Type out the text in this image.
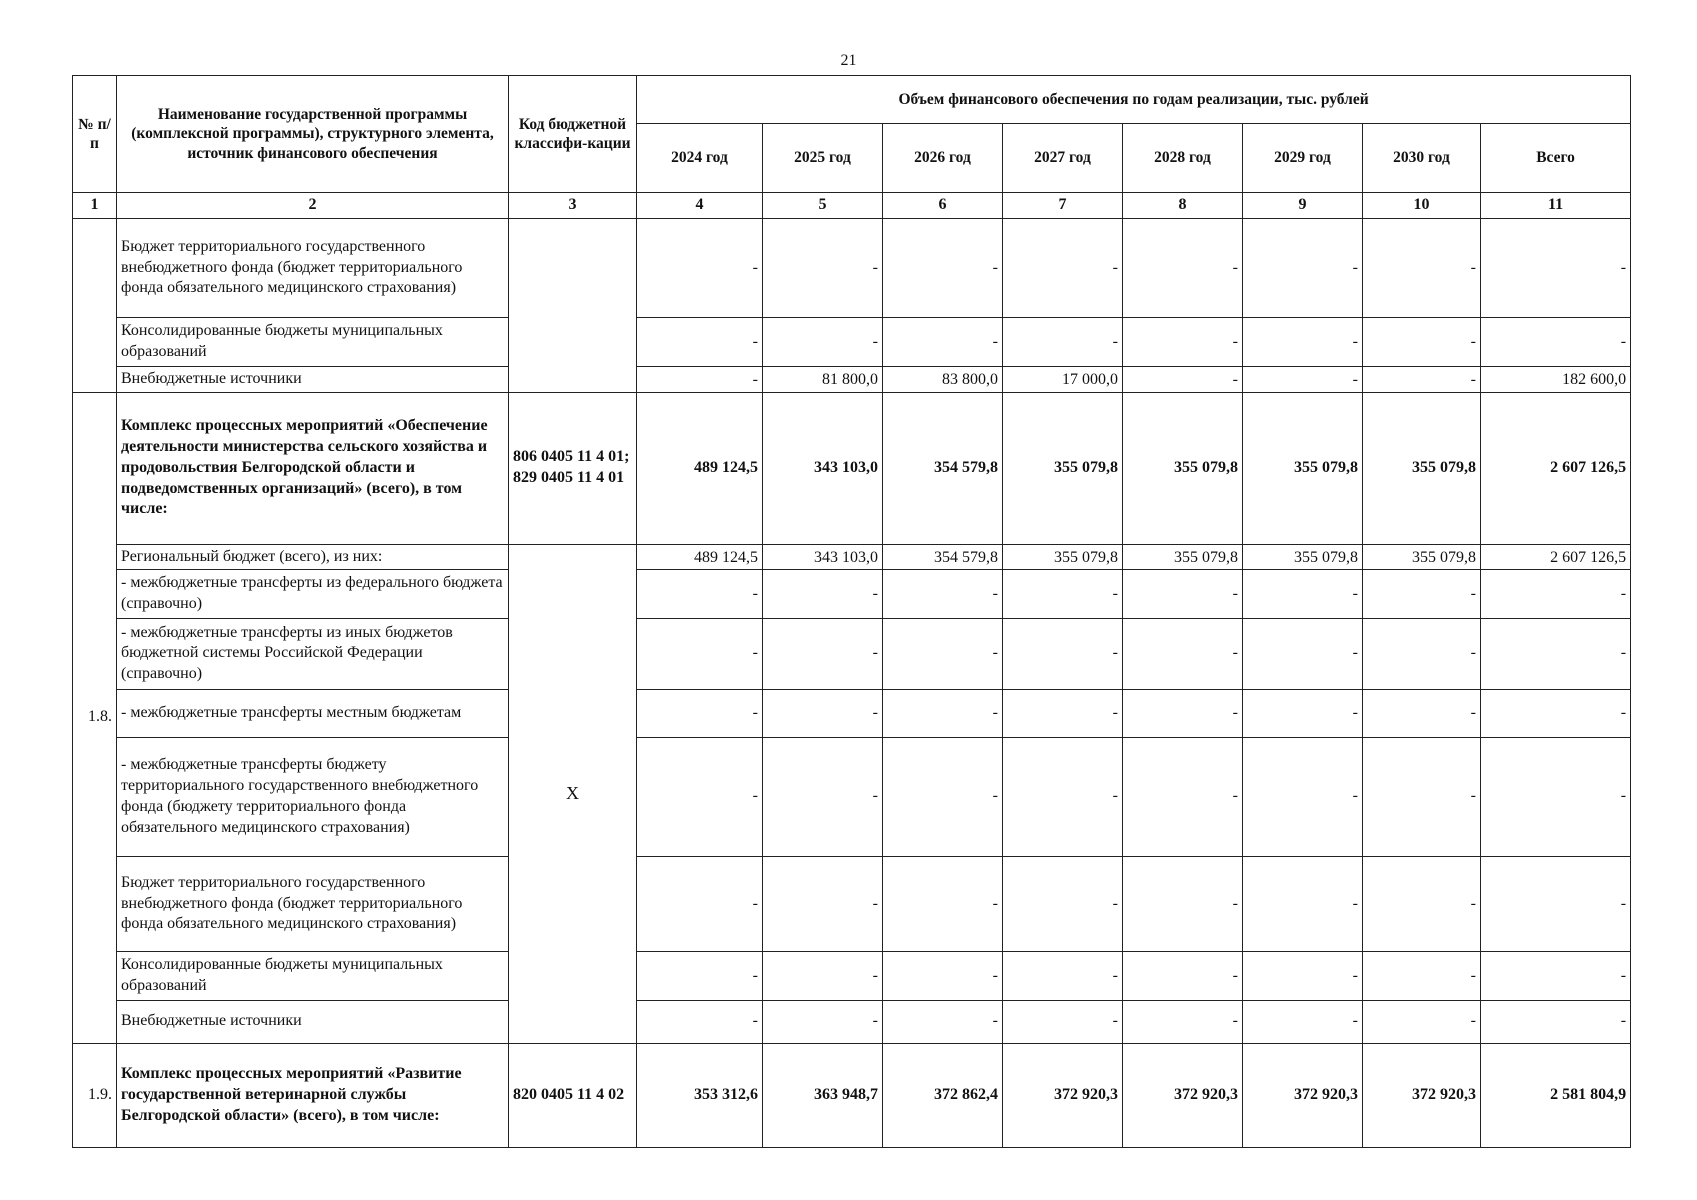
21
№ п/п	Наименование государственной программы (комплексной программы), структурного элемента, источник финансового обеспечения	Код бюджетной классифи-кации	Объем финансового обеспечения по годам реализации, тыс. рублей							
			2024 год	2025 год	2026 год	2027 год	2028 год	2029 год	2030 год	Всего
1	2	3	4	5	6	7	8	9	10	11
	Бюджет территориального государственного внебюджетного фонда (бюджет территориального фонда обязательного медицинского страхования)		-	-	-	-	-	-	-	-
	Консолидированные бюджеты муниципальных образований		-	-	-	-	-	-	-	-
	Внебюджетные источники		-	81 800,0	83 800,0	17 000,0	-	-	-	182 600,0
1.8.	Комплекс процессных мероприятий «Обеспечение деятельности министерства сельского хозяйства и продовольствия Белгородской области и подведомственных организаций» (всего), в том числе:	806 0405 11 4 01; 829 0405 11 4 01	489 124,5	343 103,0	354 579,8	355 079,8	355 079,8	355 079,8	355 079,8	2 607 126,5
	Региональный бюджет (всего), из них:	Х	489 124,5	343 103,0	354 579,8	355 079,8	355 079,8	355 079,8	355 079,8	2 607 126,5
	- межбюджетные трансферты из федерального бюджета (справочно)		-	-	-	-	-	-	-	-
	- межбюджетные трансферты из иных бюджетов бюджетной системы Российской Федерации (справочно)		-	-	-	-	-	-	-	-
	- межбюджетные трансферты местным бюджетам		-	-	-	-	-	-	-	-
	- межбюджетные трансферты бюджету территориального государственного внебюджетного фонда (бюджету территориального фонда обязательного медицинского страхования)		-	-	-	-	-	-	-	-
	Бюджет территориального государственного внебюджетного фонда (бюджет территориального фонда обязательного медицинского страхования)		-	-	-	-	-	-	-	-
	Консолидированные бюджеты муниципальных образований		-	-	-	-	-	-	-	-
	Внебюджетные источники		-	-	-	-	-	-	-	-
1.9.	Комплекс процессных мероприятий «Развитие государственной ветеринарной службы Белгородской области» (всего), в том числе:	820 0405 11 4 02	353 312,6	363 948,7	372 862,4	372 920,3	372 920,3	372 920,3	372 920,3	2 581 804,9
